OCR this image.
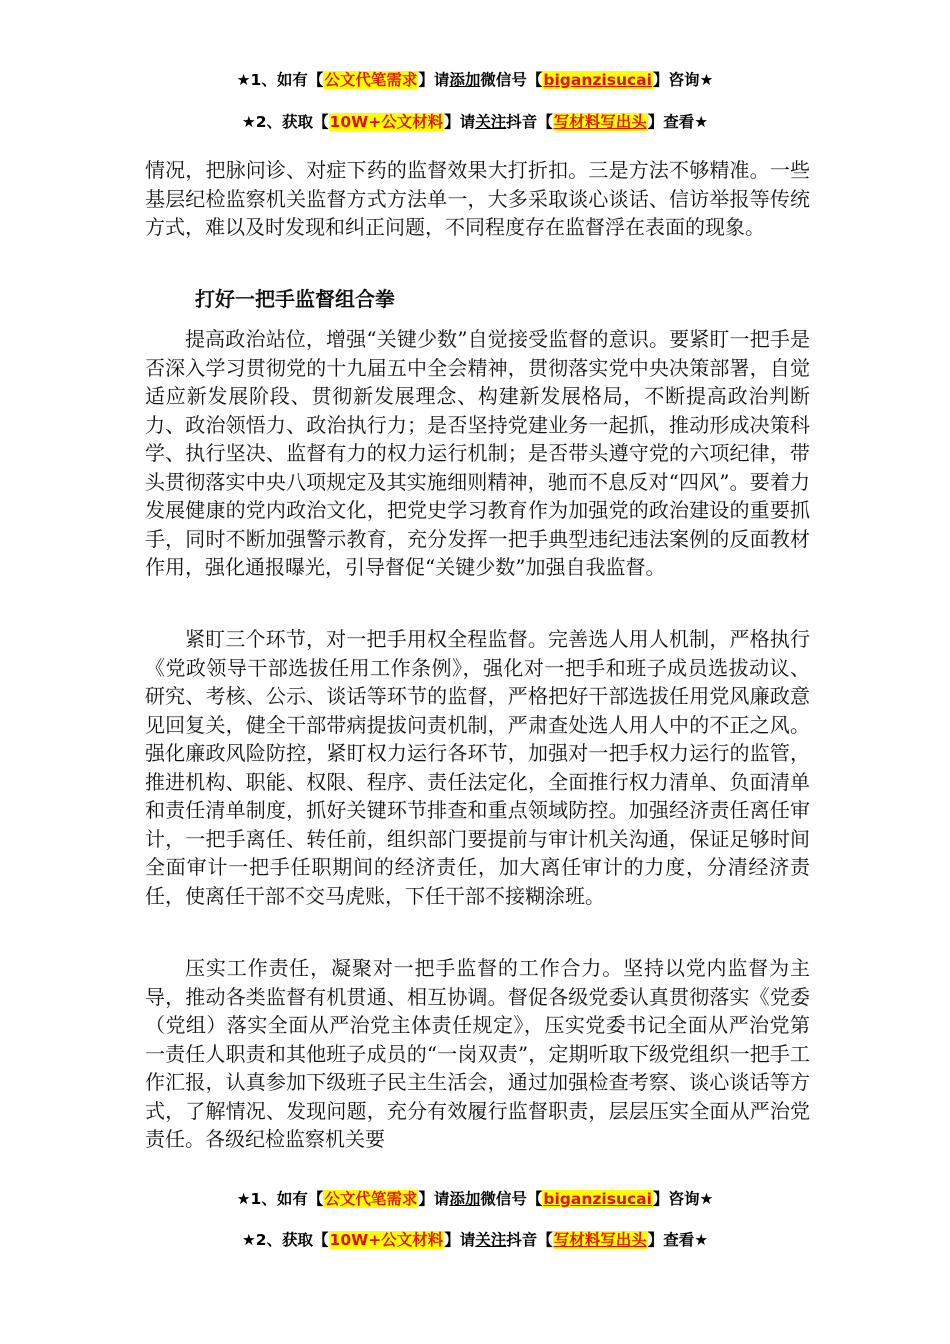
★1、如有【公文代笔需求】请添加微信号【biganzisucai】咨询★
★2、获取【10W+公文材料】请关注抖音【写材料写出头】查看★

情况，把脉问诊、对症下药的监督效果大打折扣。三是方法不够精准。一些基层纪检监察机关监督方式方法单一，大多采取谈心谈话、信访举报等传统方式，难以及时发现和纠正问题，不同程度存在监督浮在表面的现象。

打好一把手监督组合拳

提高政治站位，增强“关键少数”自觉接受监督的意识。要紧盯一把手是否深入学习贯彻党的十九届五中全会精神，贯彻落实党中央决策部署，自觉适应新发展阶段、贯彻新发展理念、构建新发展格局，不断提高政治判断力、政治领悟力、政治执行力；是否坚持党建业务一起抓，推动形成决策科学、执行坚决、监督有力的权力运行机制；是否带头遵守党的六项纪律，带头贯彻落实中央八项规定及其实施细则精神，驰而不息反对“四风”。要着力发展健康的党内政治文化，把党史学习教育作为加强党的政治建设的重要抓手，同时不断加强警示教育，充分发挥一把手典型违纪违法案例的反面教材作用，强化通报曝光，引导督促“关键少数”加强自我监督。

紧盯三个环节，对一把手用权全程监督。完善选人用人机制，严格执行《党政领导干部选拔任用工作条例》，强化对一把手和班子成员选拔动议、研究、考核、公示、谈话等环节的监督，严格把好干部选拔任用党风廉政意见回复关，健全干部带病提拔问责机制，严肃查处选人用人中的不正之风。强化廉政风险防控，紧盯权力运行各环节，加强对一把手权力运行的监管，推进机构、职能、权限、程序、责任法定化，全面推行权力清单、负面清单和责任清单制度，抓好关键环节排查和重点领域防控。加强经济责任离任审计，一把手离任、转任前，组织部门要提前与审计机关沟通，保证足够时间全面审计一把手任职期间的经济责任，加大离任审计的力度，分清经济责任，使离任干部不交马虎账，下任干部不接糊涂班。

压实工作责任，凝聚对一把手监督的工作合力。坚持以党内监督为主导，推动各类监督有机贯通、相互协调。督促各级党委认真贯彻落实《党委（党组）落实全面从严治党主体责任规定》，压实党委书记全面从严治党第一责任人职责和其他班子成员的“一岗双责”，定期听取下级党组织一把手工作汇报，认真参加下级班子民主生活会，通过加强检查考察、谈心谈话等方式，了解情况、发现问题，充分有效履行监督职责，层层压实全面从严治党责任。各级纪检监察机关要

★1、如有【公文代笔需求】请添加微信号【biganzisucai】咨询★
★2、获取【10W+公文材料】请关注抖音【写材料写出头】查看★
